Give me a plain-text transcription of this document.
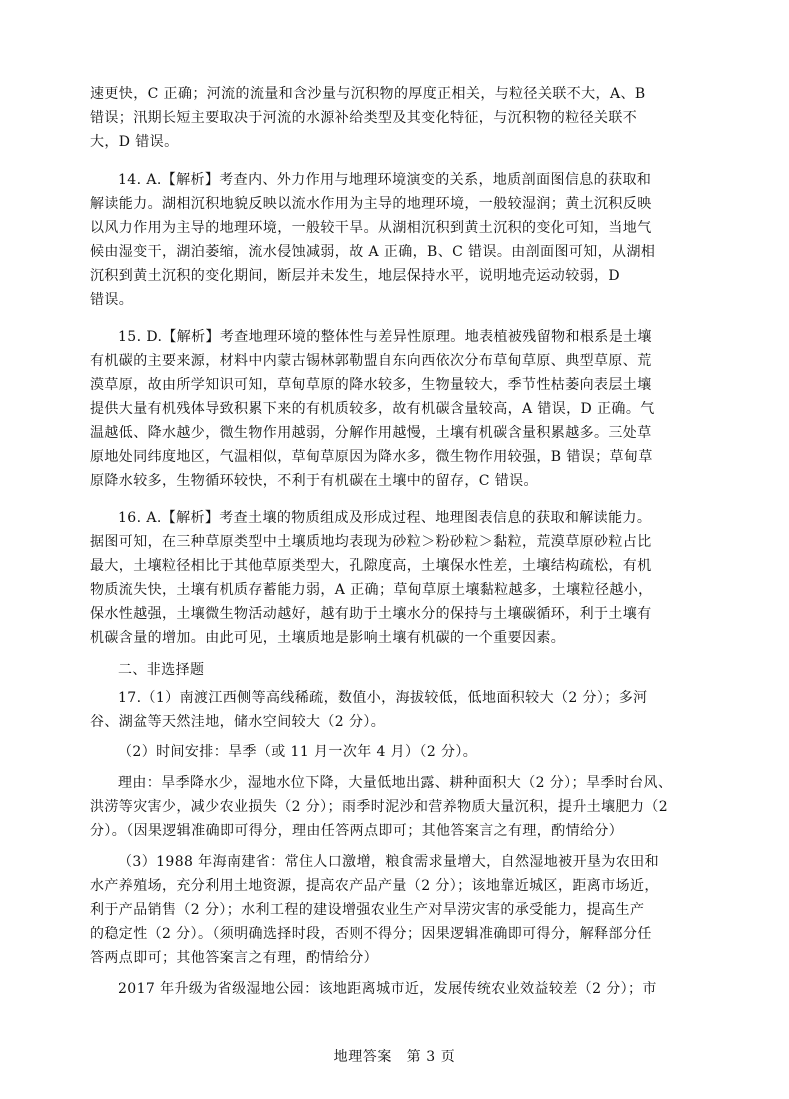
速更快，C 正确；河流的流量和含沙量与沉积物的厚度正相关，与粒径关联不大，A、B
错误；汛期长短主要取决于河流的水源补给类型及其变化特征，与沉积物的粒径关联不
大，D 错误。
14. A.【解析】考查内、外力作用与地理环境演变的关系，地质剖面图信息的获取和
解读能力。湖相沉积地貌反映以流水作用为主导的地理环境，一般较湿润；黄土沉积反映
以风力作用为主导的地理环境，一般较干旱。从湖相沉积到黄土沉积的变化可知，当地气
候由湿变干，湖泊萎缩，流水侵蚀减弱，故 A 正确，B、C 错误。由剖面图可知，从湖相
沉积到黄土沉积的变化期间，断层并未发生，地层保持水平，说明地壳运动较弱，D
错误。
15. D.【解析】考查地理环境的整体性与差异性原理。地表植被残留物和根系是土壤
有机碳的主要来源，材料中内蒙古锡林郭勒盟自东向西依次分布草甸草原、典型草原、荒
漠草原，故由所学知识可知，草甸草原的降水较多，生物量较大，季节性枯萎向表层土壤
提供大量有机残体导致积累下来的有机质较多，故有机碳含量较高，A 错误，D 正确。气
温越低、降水越少，微生物作用越弱，分解作用越慢，土壤有机碳含量积累越多。三处草
原地处同纬度地区，气温相似，草甸草原因为降水多，微生物作用较强，B 错误；草甸草
原降水较多，生物循环较快，不利于有机碳在土壤中的留存，C 错误。
16. A.【解析】考查土壤的物质组成及形成过程、地理图表信息的获取和解读能力。
据图可知，在三种草原类型中土壤质地均表现为砂粒＞粉砂粒＞黏粒，荒漠草原砂粒占比
最大，土壤粒径相比于其他草原类型大，孔隙度高，土壤保水性差，土壤结构疏松，有机
物质流失快，土壤有机质存蓄能力弱，A 正确；草甸草原土壤黏粒越多，土壤粒径越小，
保水性越强，土壤微生物活动越好，越有助于土壤水分的保持与土壤碳循环，利于土壤有
机碳含量的增加。由此可见，土壤质地是影响土壤有机碳的一个重要因素。
二、非选择题
17.（1）南渡江西侧等高线稀疏，数值小，海拔较低，低地面积较大（2 分）；多河
谷、湖盆等天然洼地，储水空间较大（2 分）。
（2）时间安排：旱季（或 11 月一次年 4 月）（2 分）。
理由：旱季降水少，湿地水位下降，大量低地出露、耕种面积大（2 分）；旱季时台风、
洪涝等灾害少，减少农业损失（2 分）；雨季时泥沙和营养物质大量沉积，提升土壤肥力（2
分）。（因果逻辑准确即可得分，理由任答两点即可；其他答案言之有理，酌情给分）
（3）1988 年海南建省：常住人口激增，粮食需求量增大，自然湿地被开垦为农田和
水产养殖场，充分利用土地资源，提高农产品产量（2 分）；该地靠近城区，距离市场近，
利于产品销售（2 分）；水利工程的建设增强农业生产对旱涝灾害的承受能力，提高生产
的稳定性（2 分）。（须明确选择时段，否则不得分；因果逻辑准确即可得分，解释部分任
答两点即可；其他答案言之有理，酌情给分）
2017 年升级为省级湿地公园：该地距离城市近，发展传统农业效益较差（2 分）；市
地理答案　第 3 页
